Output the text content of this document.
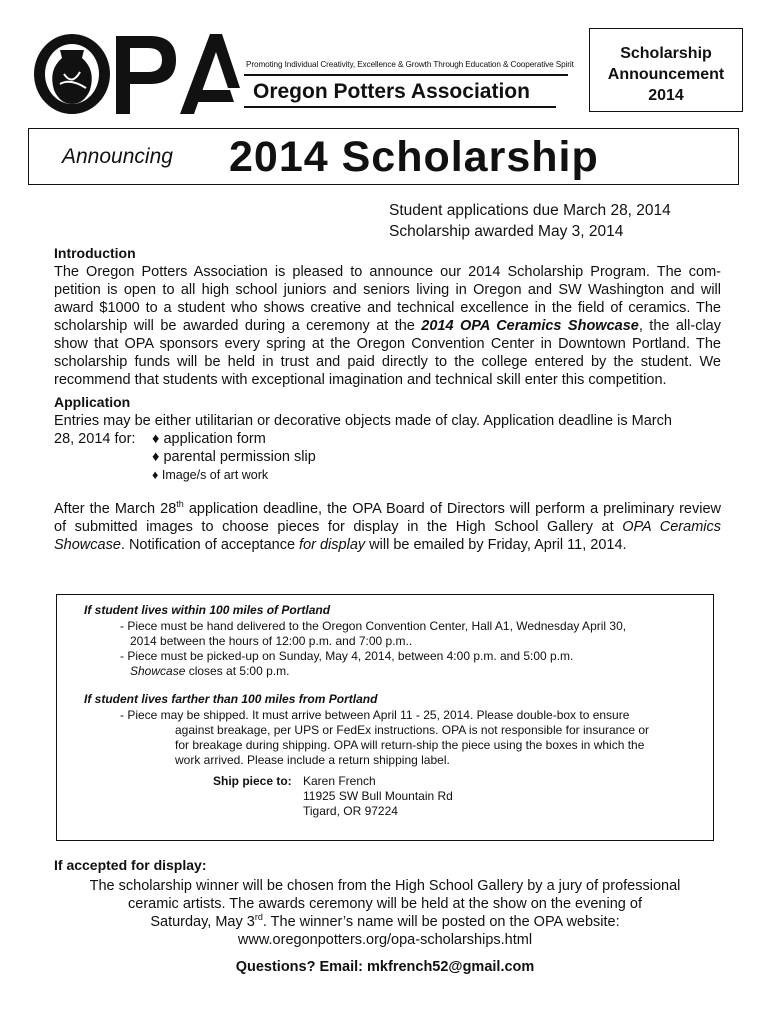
Promoting Individual Creativity, Excellence & Growth Through Education & Cooperative Spirit
Oregon Potters Association
Scholarship
Announcement
2014
Announcing 2014 Scholarship
Student applications due March 28, 2014
Scholarship awarded May 3, 2014
Introduction
The Oregon Potters Association is pleased to announce our 2014 Scholarship Program. The com-petition is open to all high school juniors and seniors living in Oregon and SW Washington and will award $1000 to a student who shows creative and technical excellence in the field of ceramics. The scholarship will be awarded during a ceremony at the 2014 OPA Ceramics Showcase, the all-clay show that OPA sponsors every spring at the Oregon Convention Center in Downtown Portland. The scholarship funds will be held in trust and paid directly to the college entered by the student. We recommend that students with exceptional imagination and technical skill enter this competition.
Application
Entries may be either utilitarian or decorative objects made of clay. Application deadline is March
28, 2014 for:	♦ application form
♦ parental permission slip
♦ Image/s of art work
After the March 28th application deadline, the OPA Board of Directors will perform a preliminary review of submitted images to choose pieces for display in the High School Gallery at OPA Ceramics Showcase. Notification of acceptance for display will be emailed by Friday, April 11, 2014.
If student lives within 100 miles of Portland
- Piece must be hand delivered to the Oregon Convention Center, Hall A1, Wednesday April 30,
2014 between the hours of 12:00 p.m. and 7:00 p.m..
- Piece must be picked-up on Sunday, May 4, 2014, between 4:00 p.m. and 5:00 p.m.
Showcase closes at 5:00 p.m.
If student lives farther than 100 miles from Portland
- Piece may be shipped. It must arrive between April 11 - 25, 2014. Please double-box to ensure
against breakage, per UPS or FedEx instructions. OPA is not responsible for insurance or
for breakage during shipping. OPA will return-ship the piece using the boxes in which the
work arrived. Please include a return shipping label.
Ship piece to: Karen French
11925 SW Bull Mountain Rd
Tigard, OR 97224
If accepted for display:
The scholarship winner will be chosen from the High School Gallery by a jury of professional
ceramic artists. The awards ceremony will be held at the show on the evening of
Saturday, May 3rd. The winner’s name will be posted on the OPA website:
www.oregonpotters.org/opa-scholarships.html
Questions? Email: mkfrench52@gmail.com
